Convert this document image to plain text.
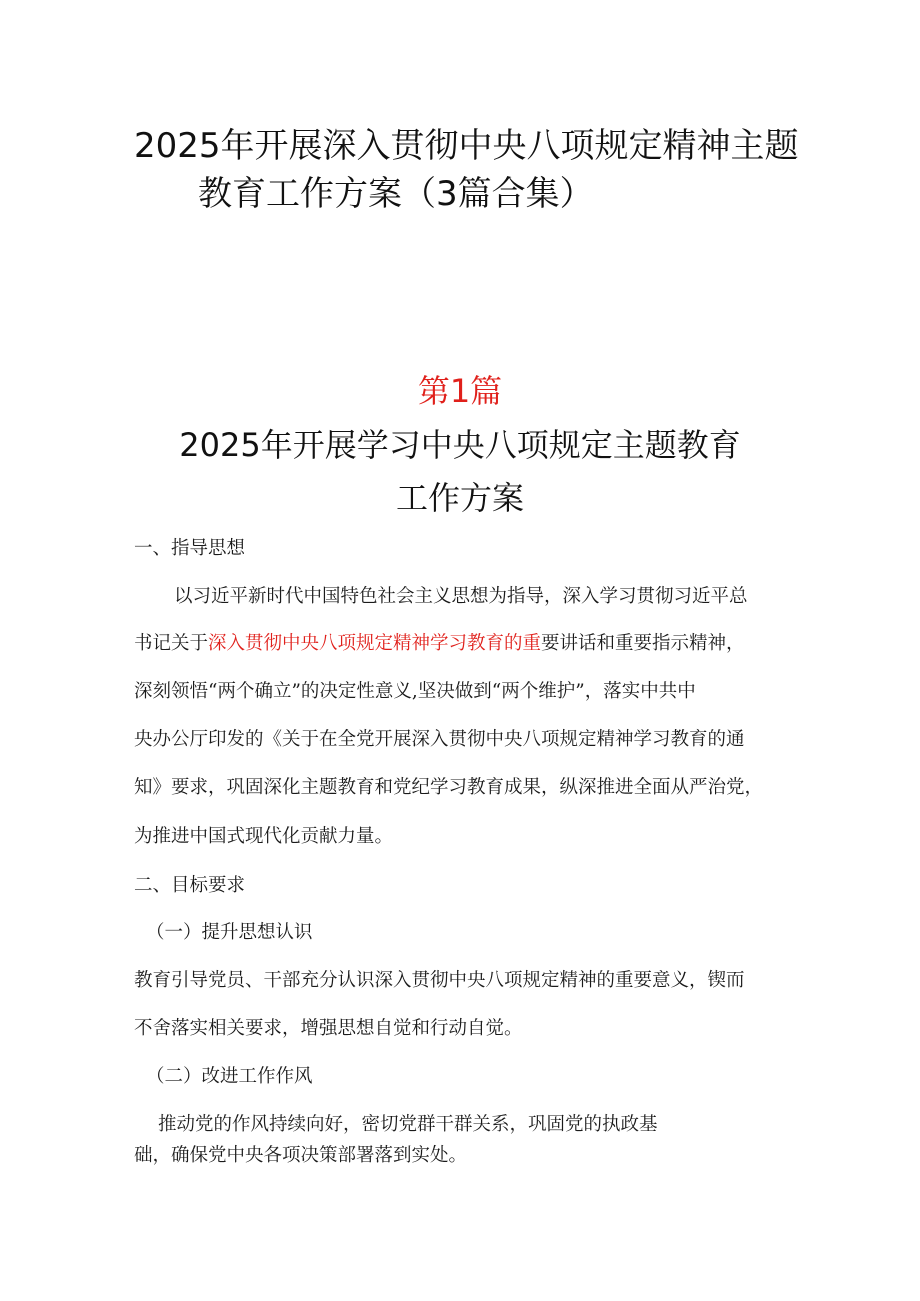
2025年开展深入贯彻中央八项规定精神主题
教育工作方案（3篇合集）
第1篇
2025年开展学习中央八项规定主题教育
工作方案
一、指导思想
以习近平新时代中国特色社会主义思想为指导，深入学习贯彻习近平总
书记关于深入贯彻中央八项规定精神学习教育的重要讲话和重要指示精神，
深刻领悟“两个确立”的决定性意义,坚决做到“两个维护”，落实中共中
央办公厅印发的《关于在全党开展深入贯彻中央八项规定精神学习教育的通
知》要求，巩固深化主题教育和党纪学习教育成果，纵深推进全面从严治党，
为推进中国式现代化贡献力量。
二、目标要求
（一）提升思想认识
教育引导党员、干部充分认识深入贯彻中央八项规定精神的重要意义，锲而
不舍落实相关要求，增强思想自觉和行动自觉。
（二）改进工作作风
推动党的作风持续向好，密切党群干群关系，巩固党的执政基
础，确保党中央各项决策部署落到实处。
